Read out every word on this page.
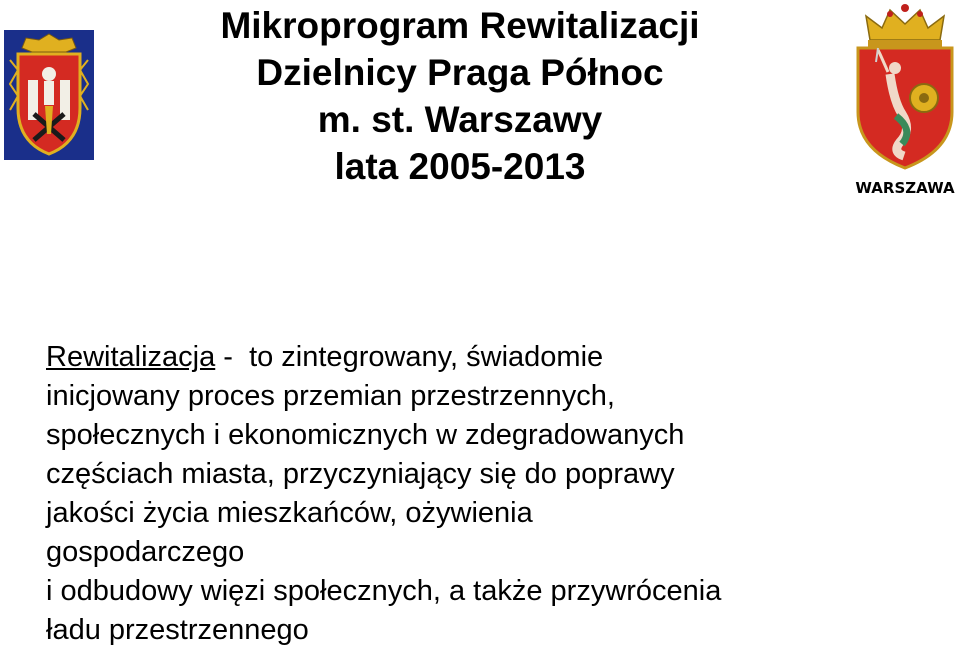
Mikroprogram Rewitalizacji
Dzielnicy Praga Północ
m. st. Warszawy
lata 2005-2013
WARSZAWA
Rewitalizacja -  to zintegrowany, świadomie
inicjowany proces przemian przestrzennych,
społecznych i ekonomicznych w zdegradowanych
częściach miasta, przyczyniający się do poprawy
jakości życia mieszkańców, ożywienia
gospodarczego
i odbudowy więzi społecznych, a także przywrócenia
ładu przestrzennego
